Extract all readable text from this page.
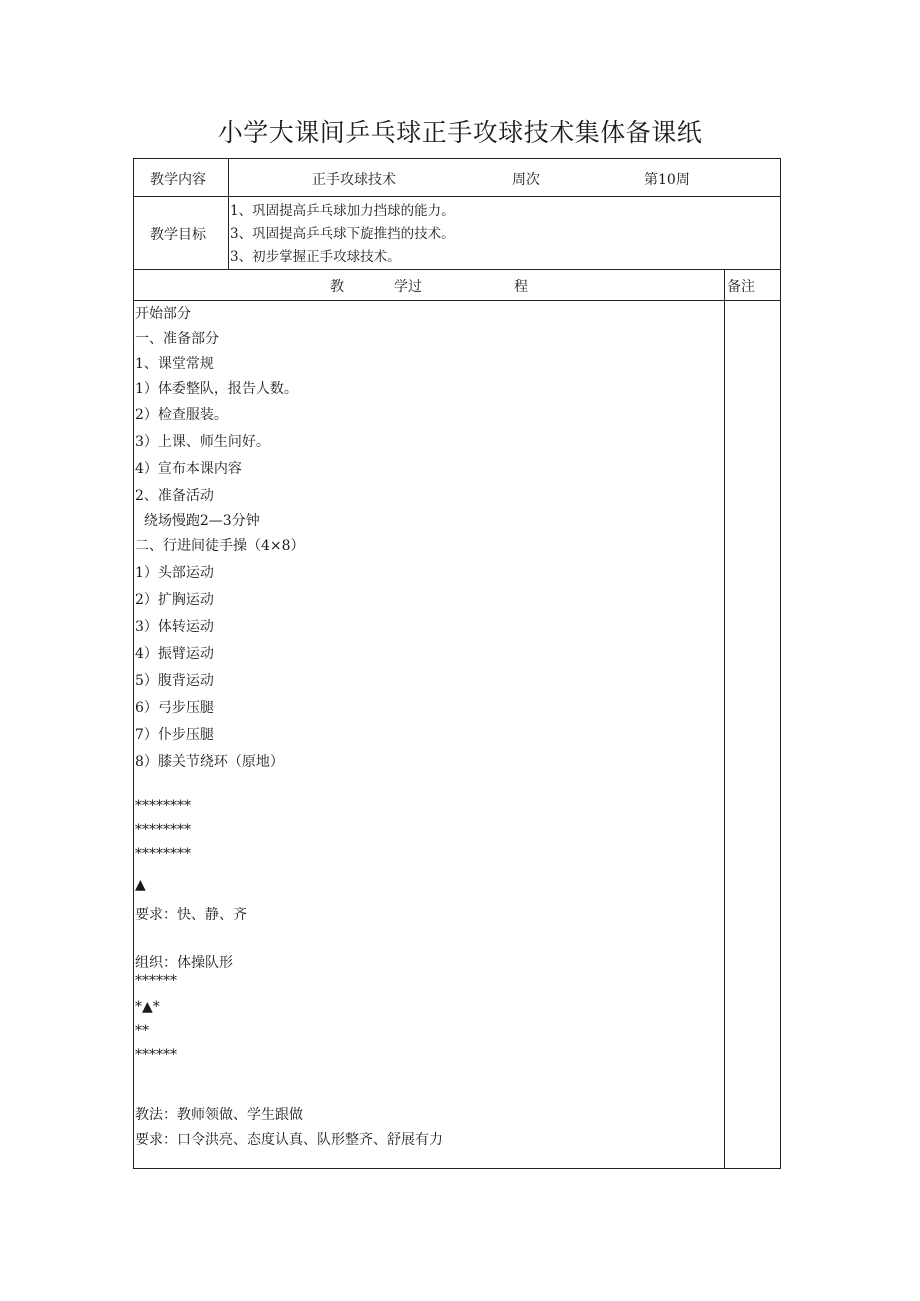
小学大课间乒乓球正手攻球技术集体备课纸
教学内容	正手攻球技术	周次	第10周
教学目标
1、巩固提高乒乓球加力挡球的能力。
3、巩固提高乒乓球下旋推挡的技术。
3、初步掌握正手攻球技术。
教	学过	程	备注
开始部分
一、准备部分
1、课堂常规
1）体委整队，报告人数。
2）检查服装。
3）上课、师生问好。
4）宣布本课内容
2、准备活动
绕场慢跑2—3分钟
二、行进间徒手操（4×8）
1）头部运动
2）扩胸运动
3）体转运动
4）振臂运动
5）腹背运动
6）弓步压腿
7）仆步压腿
8）膝关节绕环（原地）
********
********
********
▲
要求：快、静、齐
组织：体操队形
******
*▲*
**
******
教法：教师领做、学生跟做
要求：口令洪亮、态度认真、队形整齐、舒展有力
